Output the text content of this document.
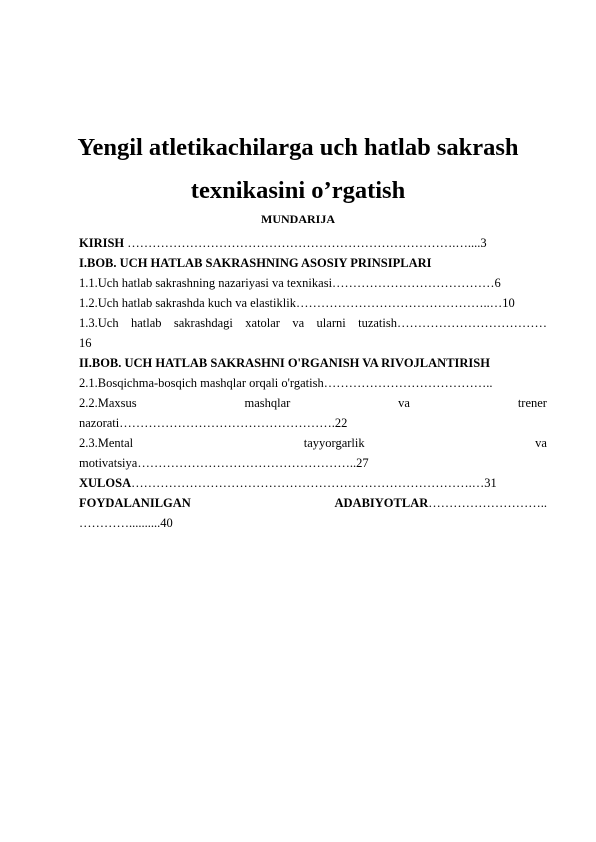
Yengil atletikachilarga uch hatlab sakrash
texnikasini o’rgatish
MUNDARIJA
KIRISH …………………………………………………………………….…....3
I.BOB. UCH HATLAB SAKRASHNING ASOSIY PRINSIPLARI
1.1.Uch hatlab sakrashning nazariyasi va texnikasi…………………………………6
1.2.Uch hatlab sakrashda kuch va elastiklik………………………………………..…10
1.3.Uch hatlab sakrashdagi xatolar va ularni tuzatish………………………………
16
II.BOB. UCH HATLAB SAKRASHNI O'RGANISH VA RIVOJLANTIRISH
2.1.Bosqichma-bosqich mashqlar orqali o'rgatish…………………………………..
2.2.Maxsus	mashqlar	va	trener
nazorati…………………………………………….22
2.3.Mental	tayyorgarlik	va
motivatsiya……………………………………………..27
XULOSA……………………………………………………………………….…31
FOYDALANILGAN	ADABIYOTLAR………………………..
…………..........40
